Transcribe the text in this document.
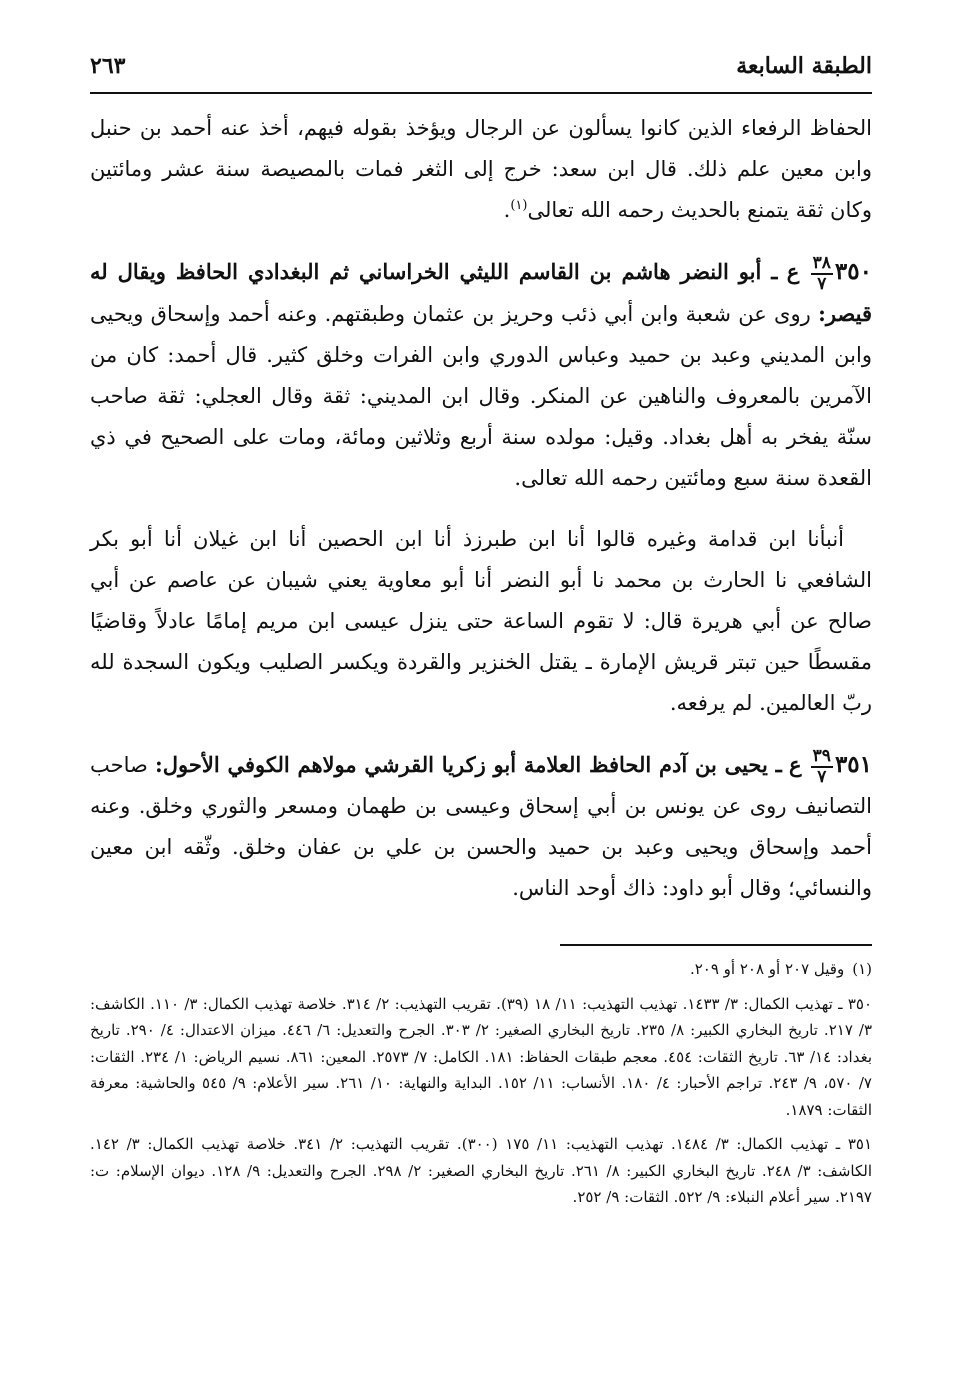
الطبقة السابعة
٢٦٣

الحفاظ الرفعاء الذين كانوا يسألون عن الرجال ويؤخذ بقوله فيهم، أخذ عنه أحمد بن حنبل وابن معين علم ذلك. قال ابن سعد: خرج إلى الثغر فمات بالمصيصة سنة عشر ومائتين وكان ثقة يتمنع بالحديث رحمه الله تعالى$^{(١)}$.

٣٥٠
$\frac{٣٨}{٧}$
ع ـ أبو النضر هاشم بن القاسم الليثي الخراساني ثم البغدادي الحافظ ويقال له قيصر: روى عن شعبة وابن أبي ذئب وحريز بن عثمان وطبقتهم. وعنه أحمد وإسحاق ويحيى وابن المديني وعبد بن حميد وعباس الدوري وابن الفرات وخلق كثير. قال أحمد: كان من الآمرين بالمعروف والناهين عن المنكر. وقال ابن المديني: ثقة وقال العجلي: ثقة صاحب سنّة يفخر به أهل بغداد. وقيل: مولده سنة أربع وثلاثين ومائة، ومات على الصحيح في ذي القعدة سنة سبع ومائتين رحمه الله تعالى.

أنبأنا ابن قدامة وغيره قالوا أنا ابن طبرزذ أنا ابن الحصين أنا ابن غيلان أنا أبو بكر الشافعي نا الحارث بن محمد نا أبو النضر أنا أبو معاوية يعني شيبان عن عاصم عن أبي صالح عن أبي هريرة قال: لا تقوم الساعة حتى ينزل عيسى ابن مريم إمامًا عادلاً وقاضيًا مقسطًا حين تبتر قريش الإمارة ـ يقتل الخنزير والقردة ويكسر الصليب ويكون السجدة لله ربّ العالمين. لم يرفعه.

٣٥١
$\frac{٣٩}{٧}$
ع ـ يحيى بن آدم الحافظ العلامة أبو زكريا القرشي مولاهم الكوفي الأحول: صاحب التصانيف روى عن يونس بن أبي إسحاق وعيسى بن طهمان ومسعر والثوري وخلق. وعنه أحمد وإسحاق ويحيى وعبد بن حميد والحسن بن علي بن عفان وخلق. وثّقه ابن معين والنسائي؛ وقال أبو داود: ذاك أوحد الناس.

(١)وقيل ٢٠٧ أو ٢٠٨ أو ٢٠٩.

٣٥٠ ـ تهذيب الكمال: ٣/ ١٤٣٣. تهذيب التهذيب: ١١/ ١٨ (٣٩). تقريب التهذيب: ٢/ ٣١٤. خلاصة تهذيب الكمال: ٣/ ١١٠. الكاشف: ٣/ ٢١٧. تاريخ البخاري الكبير: ٨/ ٢٣٥. تاريخ البخاري الصغير: ٢/ ٣٠٣. الجرح والتعديل: ٦/ ٤٤٦. ميزان الاعتدال: ٤/ ٢٩٠. تاريخ بغداد: ١٤/ ٦٣. تاريخ الثقات: ٤٥٤. معجم طبقات الحفاظ: ١٨١. الكامل: ٧/ ٢٥٧٣. المعين: ٨٦١. نسيم الرياض: ١/ ٢٣٤. الثقات: ٧/ ٥٧٠، ٩/ ٢٤٣. تراجم الأحبار: ٤/ ١٨٠. الأنساب: ١١/ ١٥٢. البداية والنهاية: ١٠/ ٢٦١. سير الأعلام: ٩/ ٥٤٥ والحاشية: معرفة الثقات: ١٨٧٩.

٣٥١ ـ تهذيب الكمال: ٣/ ١٤٨٤. تهذيب التهذيب: ١١/ ١٧٥ (٣٠٠). تقريب التهذيب: ٢/ ٣٤١. خلاصة تهذيب الكمال: ٣/ ١٤٢. الكاشف: ٣/ ٢٤٨. تاريخ البخاري الكبير: ٨/ ٢٦١. تاريخ البخاري الصغير: ٢/ ٢٩٨. الجرح والتعديل: ٩/ ١٢٨. ديوان الإسلام: ت: ٢١٩٧. سير أعلام النبلاء: ٩/ ٥٢٢. الثقات: ٩/ ٢٥٢.
